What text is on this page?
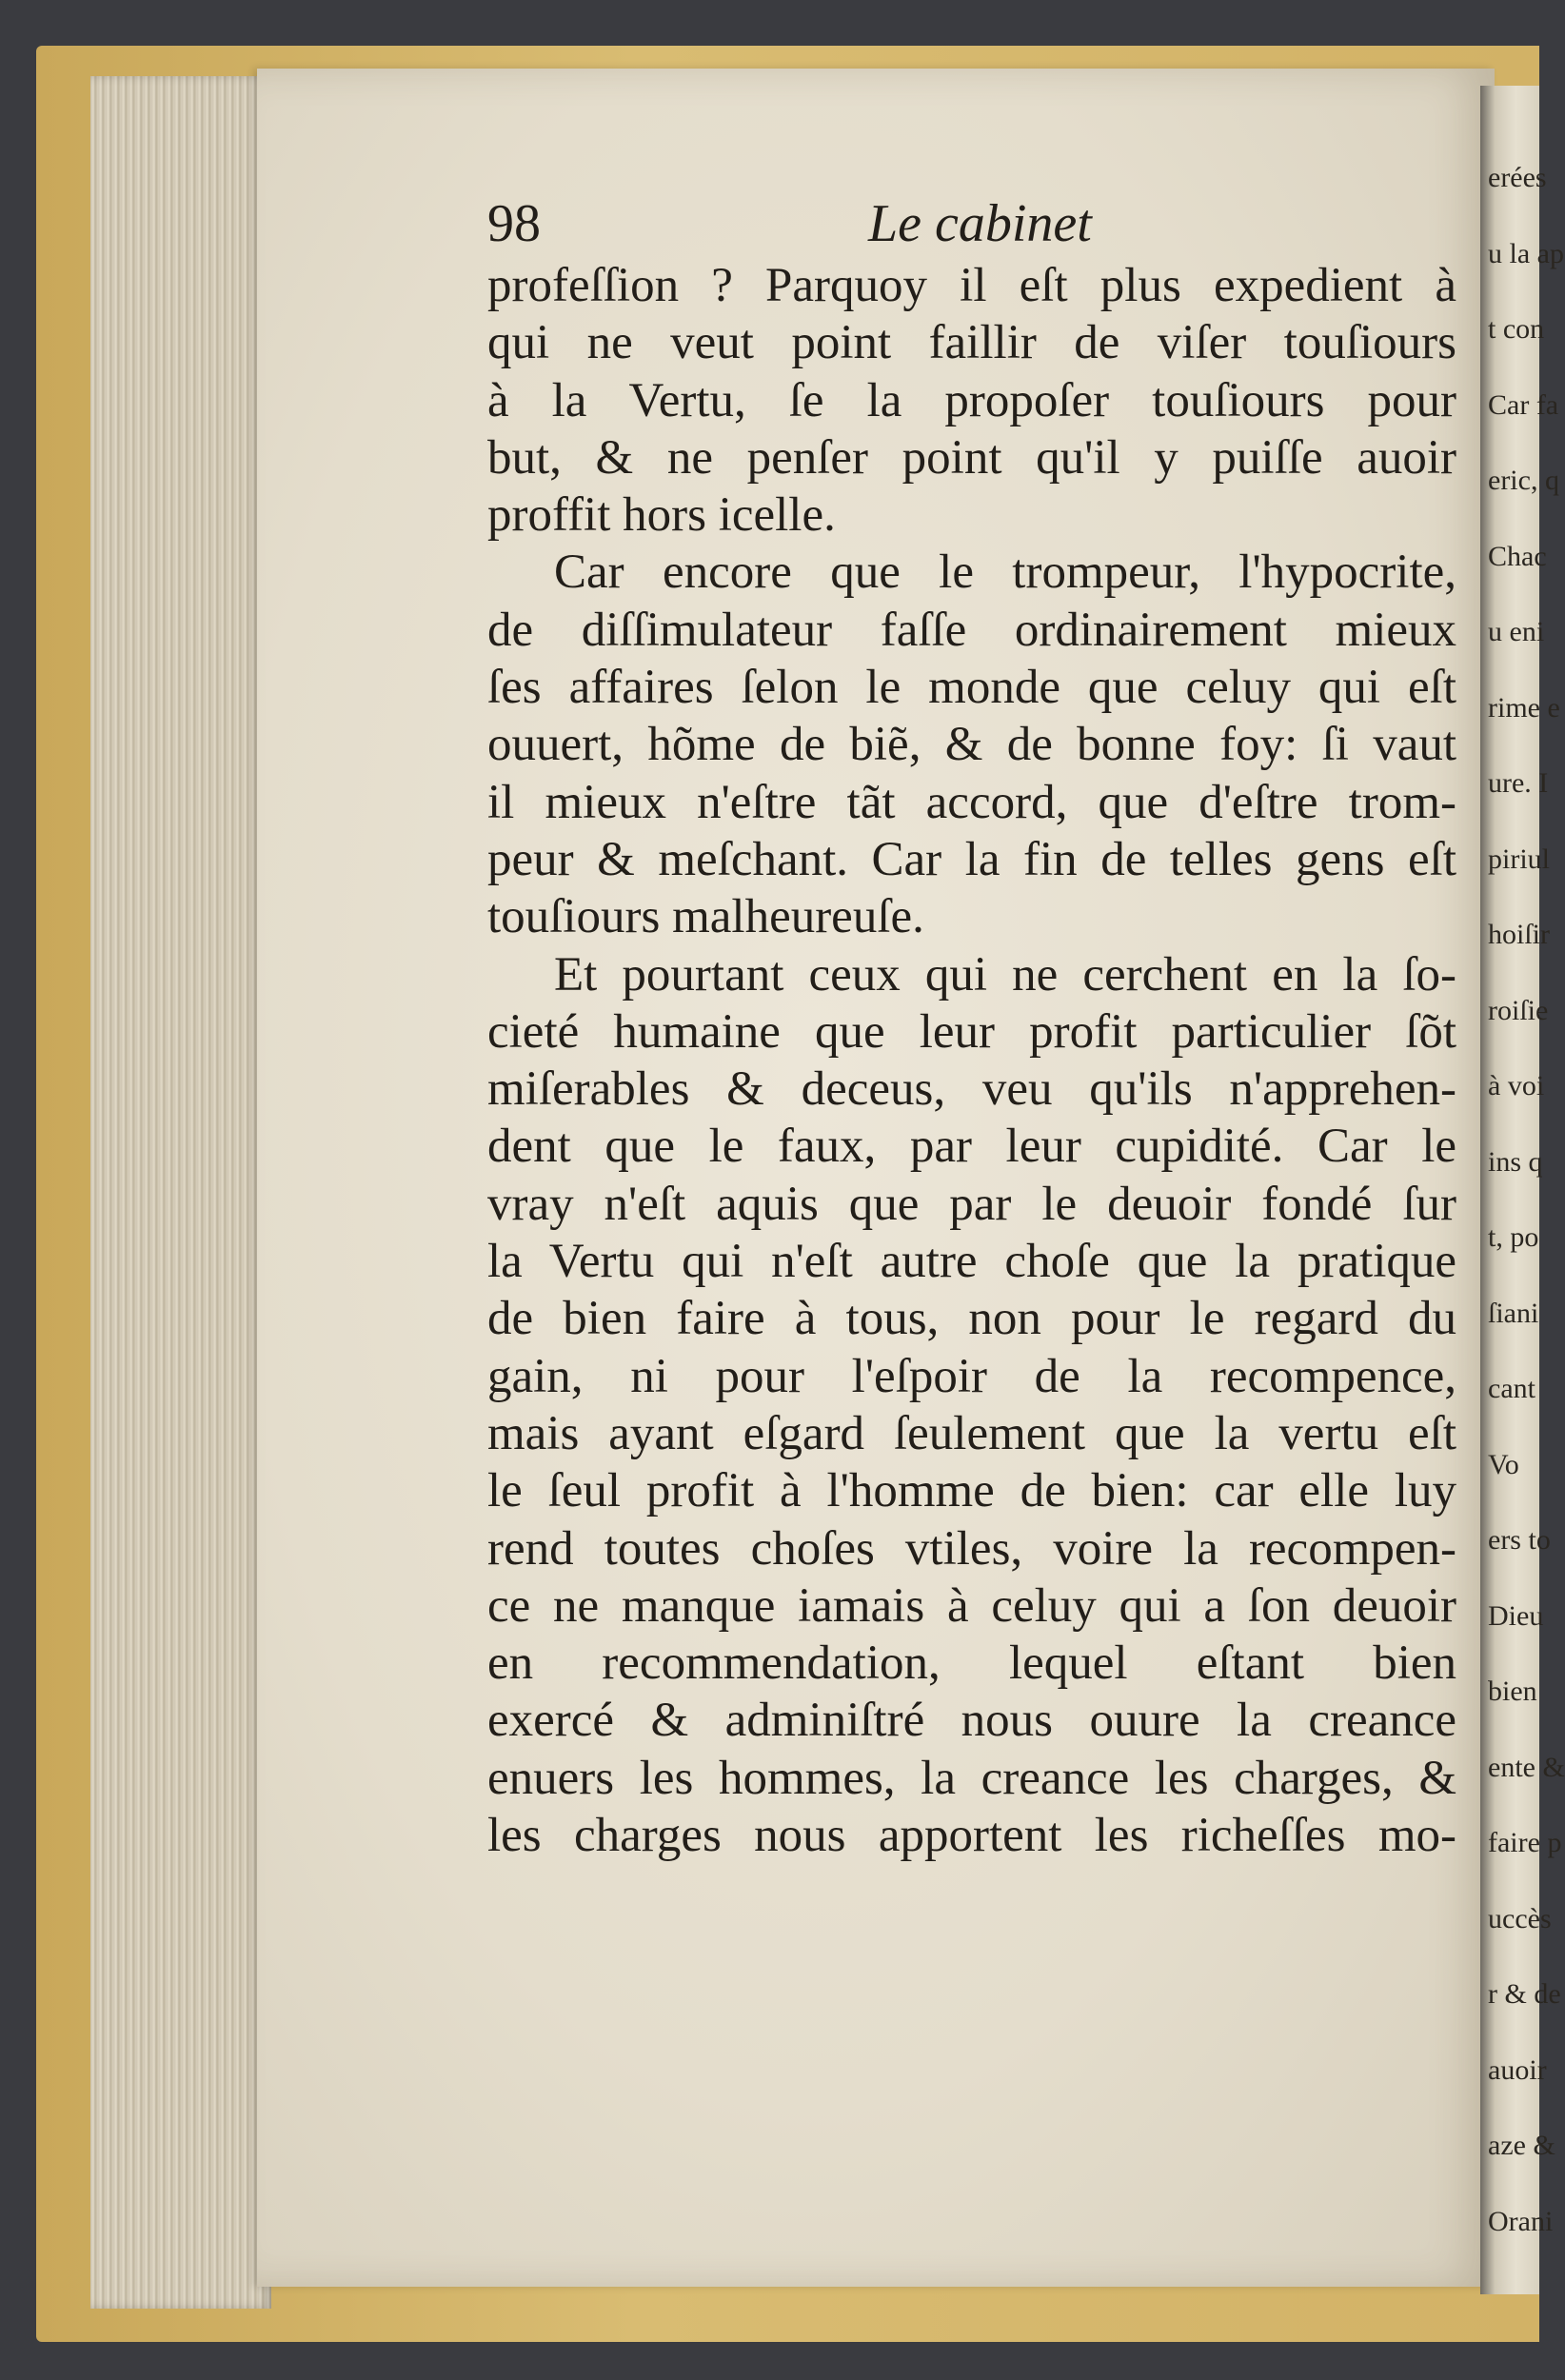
erées
u la ap
t con
Car fa
eric, q
Chac
u eni
rime e
ure. I
piriul
hoiſir
roiſie
à voi
ins q
t, po
ſiani
cant
Vo
ers to
Dieu
bien
ente &
faire p
uccès
r & de
auoir
aze &
Orani
98	Le cabinet
profeſſion ? Parquoy il eſt plus expedient à
qui ne veut point faillir de viſer touſiours
à la Vertu, ſe la propoſer touſiours pour
but, & ne penſer point qu'il y puiſſe auoir
proffit hors icelle.
Car encore que le trompeur, l'hypocrite,
de diſſimulateur faſſe ordinairement mieux
ſes affaires ſelon le monde que celuy qui eſt
ouuert, hõme de biẽ, & de bonne foy: ſi vaut
il mieux n'eſtre tãt accord, que d'eſtre trom-
peur & meſchant. Car la fin de telles gens eſt
touſiours malheureuſe.
Et pourtant ceux qui ne cerchent en la ſo-
cieté humaine que leur profit particulier ſõt
miſerables & deceus, veu qu'ils n'apprehen-
dent que le faux, par leur cupidité. Car le
vray n'eſt aquis que par le deuoir fondé ſur
la Vertu qui n'eſt autre choſe que la pratique
de bien faire à tous, non pour le regard du
gain, ni pour l'eſpoir de la recompence,
mais ayant eſgard ſeulement que la vertu eſt
le ſeul profit à l'homme de bien: car elle luy
rend toutes choſes vtiles, voire la recompen-
ce ne manque iamais à celuy qui a ſon deuoir
en recommendation, lequel eſtant bien
exercé & adminiſtré nous ouure la creance
enuers les hommes, la creance les charges, &
les charges nous apportent les richeſſes mo-
